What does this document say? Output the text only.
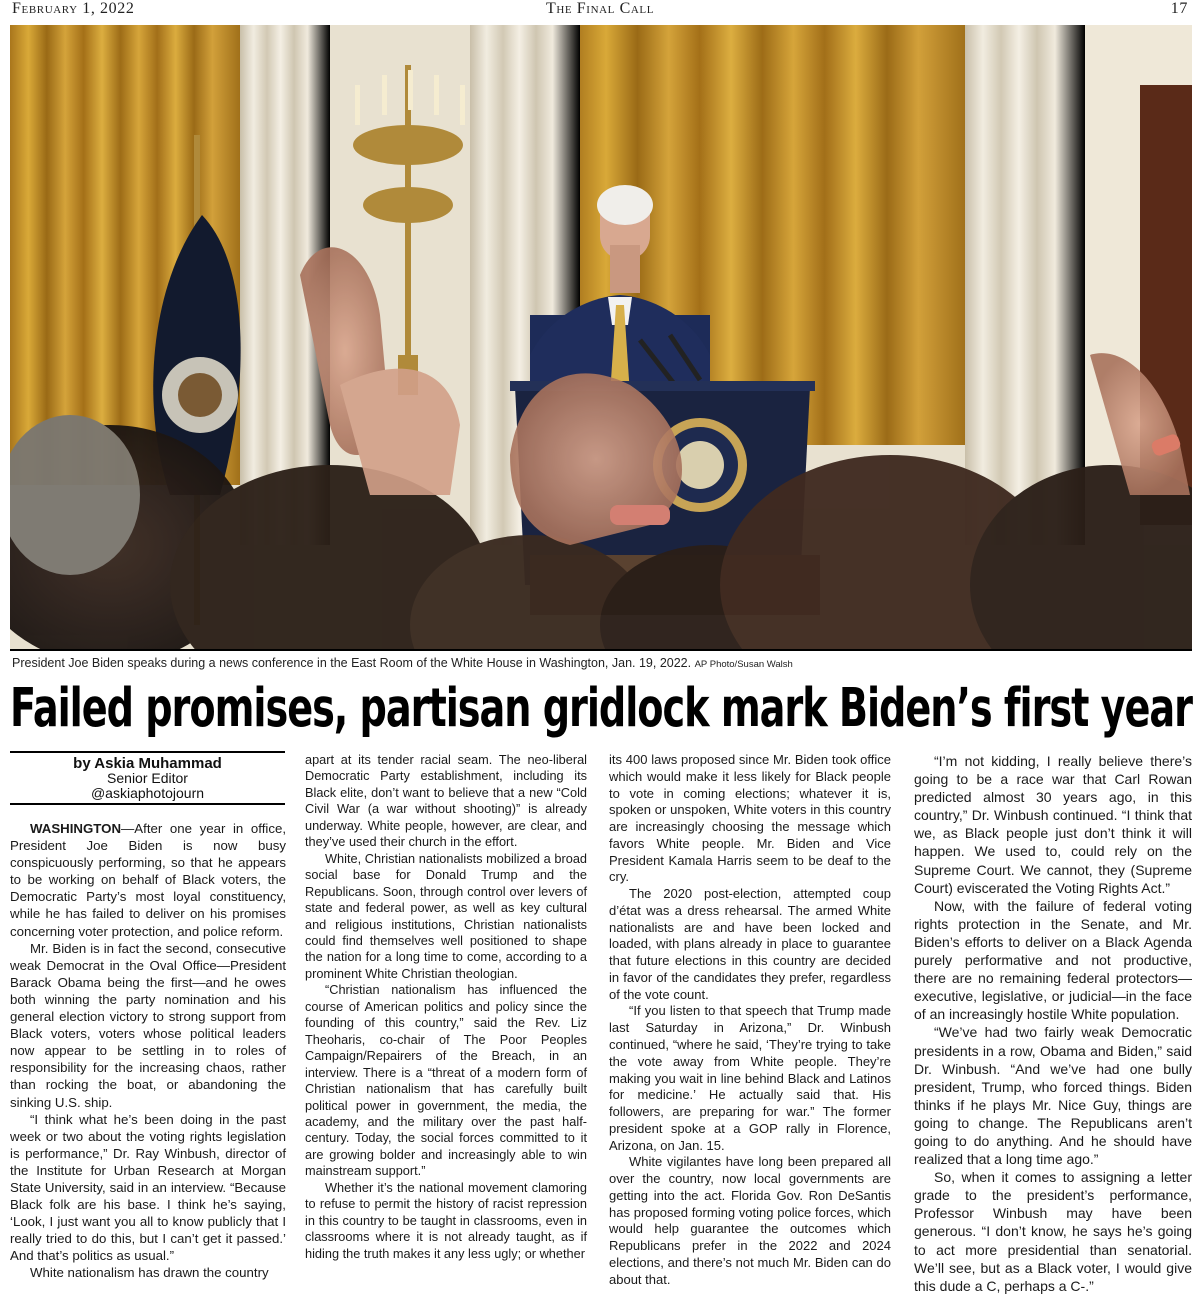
February 1, 2022	The Final Call	17
President Joe Biden speaks during a news conference in the East Room of the White House in Washington, Jan. 19, 2022. AP Photo/Susan Walsh
Failed promises, partisan gridlock mark Biden’s first year
by Askia Muhammad
Senior Editor
@askiaphotojourn

WASHINGTON—After one year in office, President Joe Biden is now busy conspicuously performing, so that he appears to be working on behalf of Black voters, the Democratic Party’s most loyal constituency, while he has failed to deliver on his promises concerning voter protection, and police reform.

Mr. Biden is in fact the second, consecutive weak Democrat in the Oval Office—President Barack Obama being the first—and he owes both winning the party nomination and his general election victory to strong support from Black voters, voters whose political leaders now appear to be settling in to roles of responsibility for the increasing chaos, rather than rocking the boat, or abandoning the sinking U.S. ship.

“I think what he’s been doing in the past week or two about the voting rights legislation is performance,” Dr. Ray Winbush, director of the Institute for Urban Research at Morgan State University, said in an interview. “Because Black folk are his base. I think he’s saying, ‘Look, I just want you all to know publicly that I really tried to do this, but I can’t get it passed.’ And that’s politics as usual.”

White nationalism has drawn the country

apart at its tender racial seam. The neo-liberal Democratic Party establishment, including its Black elite, don’t want to believe that a new “Cold Civil War (a war without shooting)” is already underway. White people, however, are clear, and they’ve used their church in the effort.

White, Christian nationalists mobilized a broad social base for Donald Trump and the Republicans. Soon, through control over levers of state and federal power, as well as key cultural and religious institutions, Christian nationalists could find themselves well positioned to shape the nation for a long time to come, according to a prominent White Christian theologian.

“Christian nationalism has influenced the course of American politics and policy since the founding of this country,” said the Rev. Liz Theoharis, co-chair of The Poor Peoples Campaign/Repairers of the Breach, in an interview. There is a “threat of a modern form of Christian nationalism that has carefully built political power in government, the media, the academy, and the military over the past half-century. Today, the social forces committed to it are growing bolder and increasingly able to win mainstream support.”

Whether it’s the national movement clamoring to refuse to permit the history of racist repression in this country to be taught in classrooms, even in classrooms where it is not already taught, as if hiding the truth makes it any less ugly; or whether

its 400 laws proposed since Mr. Biden took office which would make it less likely for Black people to vote in coming elections; whatever it is, spoken or unspoken, White voters in this country are increasingly choosing the message which favors White people. Mr. Biden and Vice President Kamala Harris seem to be deaf to the cry.

The 2020 post-election, attempted coup d’état was a dress rehearsal. The armed White nationalists are and have been locked and loaded, with plans already in place to guarantee that future elections in this country are decided in favor of the candidates they prefer, regardless of the vote count.

“If you listen to that speech that Trump made last Saturday in Arizona,” Dr. Winbush continued, “where he said, ‘They’re trying to take the vote away from White people. They’re making you wait in line behind Black and Latinos for medicine.’ He actually said that. His followers, are preparing for war.” The former president spoke at a GOP rally in Florence, Arizona, on Jan. 15.

White vigilantes have long been prepared all over the country, now local governments are getting into the act. Florida Gov. Ron DeSantis has proposed forming voting police forces, which would help guarantee the outcomes which Republicans prefer in the 2022 and 2024 elections, and there’s not much Mr. Biden can do about that.

“I’m not kidding, I really believe there’s going to be a race war that Carl Rowan predicted almost 30 years ago, in this country,” Dr. Winbush continued. “I think that we, as Black people just don’t think it will happen. We used to, could rely on the Supreme Court. We cannot, they (Supreme Court) eviscerated the Voting Rights Act.”

Now, with the failure of federal voting rights protection in the Senate, and Mr. Biden’s efforts to deliver on a Black Agenda purely performative and not productive, there are no remaining federal protectors—executive, legislative, or judicial—in the face of an increasingly hostile White population.

“We’ve had two fairly weak Democratic presidents in a row, Obama and Biden,” said Dr. Winbush. “And we’ve had one bully president, Trump, who forced things. Biden thinks if he plays Mr. Nice Guy, things are going to change. The Republicans aren’t going to do anything. And he should have realized that a long time ago.”

So, when it comes to assigning a letter grade to the president’s performance, Professor Winbush may have been generous. “I don’t know, he says he’s going to act more presidential than senatorial. We’ll see, but as a Black voter, I would give this dude a C, perhaps a C-.”
